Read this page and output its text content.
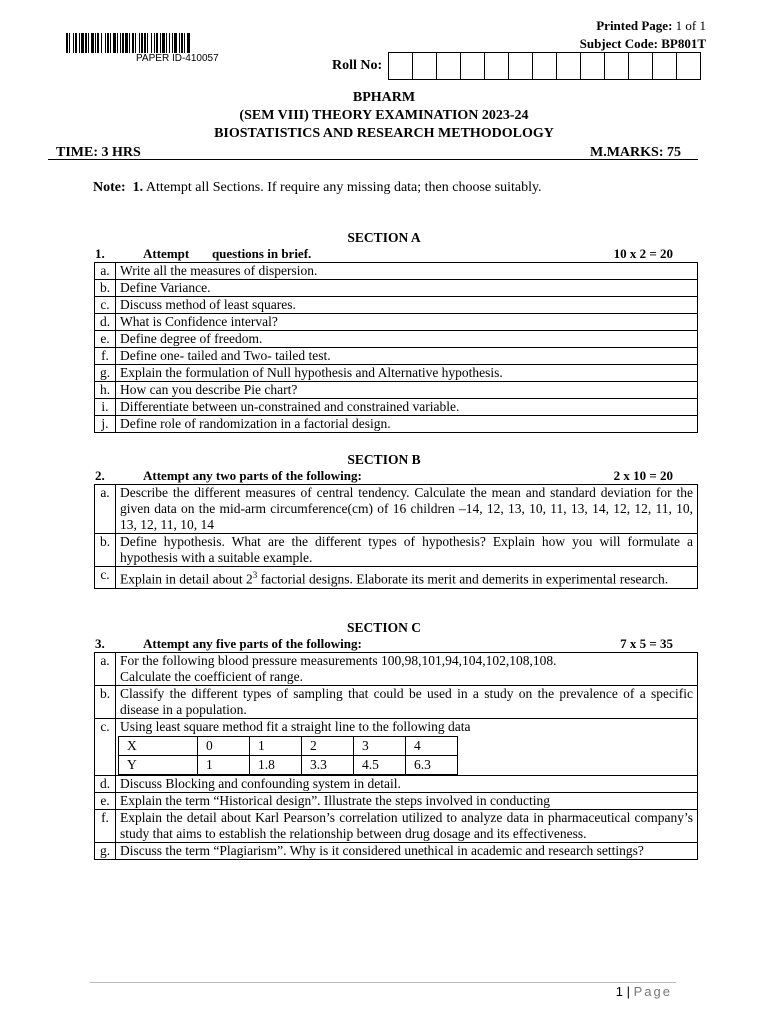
PAPER ID-410057
Printed Page: 1 of 1
Subject Code: BP801T
Roll No:
BPHARM
(SEM VIII) THEORY EXAMINATION 2023-24
BIOSTATISTICS AND RESEARCH METHODOLOGY
TIME: 3 HRS	M.MARKS: 75
Note: 1. Attempt all Sections. If require any missing data; then choose suitably.
SECTION A
1.	Attempt       questions in brief.	10 x 2 = 20
a.	Write all the measures of dispersion.
b.	Define Variance.
c.	Discuss method of least squares.
d.	What is Confidence interval?
e.	Define degree of freedom.
f.	Define one- tailed and Two- tailed test.
g.	Explain the formulation of Null hypothesis and Alternative hypothesis.
h.	How can you describe Pie chart?
i.	Differentiate between un-constrained and constrained variable.
j.	Define role of randomization in a factorial design.
SECTION B
2.	Attempt any two parts of the following:	2 x 10 = 20
a.	Describe the different measures of central tendency. Calculate the mean and standard deviation for the given data on the mid-arm circumference(cm) of 16 children –14, 12, 13, 10, 11, 13, 14, 12, 12, 11, 10, 13, 12, 11, 10, 14
b.	Define hypothesis. What are the different types of hypothesis? Explain how you will formulate a hypothesis with a suitable example.
c.	Explain in detail about $2^3$ factorial designs. Elaborate its merit and demerits in experimental research.
SECTION C
3.	Attempt any five parts of the following:	7 x 5 = 35
a.	For the following blood pressure measurements 100,98,101,94,104,102,108,108.
Calculate the coefficient of range.

b.	Classify the different types of sampling that could be used in a study on the prevalence of a specific disease in a population.
c.	Using least square method fit a straight line to the following data
X	0	1	2	3	4
Y	1	1.8	3.3	4.5	6.3

d.	Discuss Blocking and confounding system in detail.
e.	Explain the term “Historical design”. Illustrate the steps involved in conducting
f.	Explain the detail about Karl Pearson’s correlation utilized to analyze data in pharmaceutical company’s study that aims to establish the relationship between drug dosage and its effectiveness.
g.	Discuss the term “Plagiarism”. Why is it considered unethical in academic and research settings?
1 | Page
